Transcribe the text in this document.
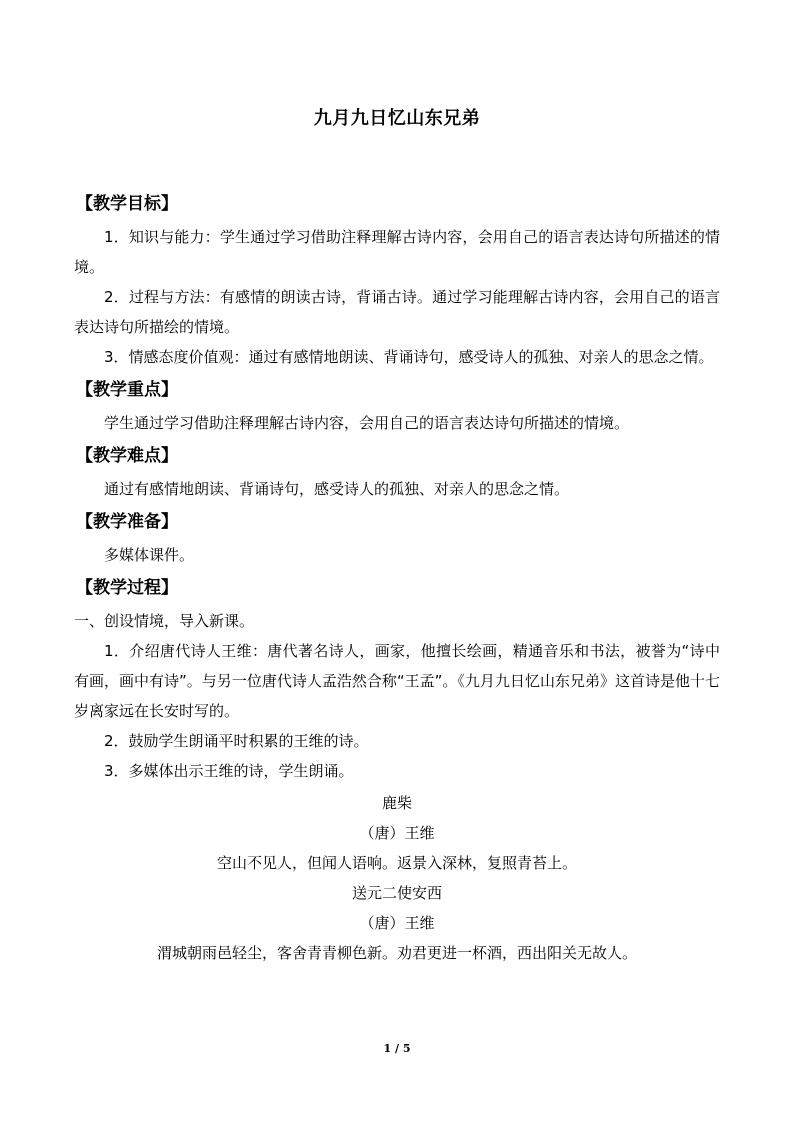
九月九日忆山东兄弟
【教学目标】

1．知识与能力：学生通过学习借助注释理解古诗内容，会用自己的语言表达诗句所描述的情境。

2．过程与方法：有感情的朗读古诗，背诵古诗。通过学习能理解古诗内容，会用自己的语言表达诗句所描绘的情境。

3．情感态度价值观：通过有感情地朗读、背诵诗句，感受诗人的孤独、对亲人的思念之情。

【教学重点】

学生通过学习借助注释理解古诗内容，会用自己的语言表达诗句所描述的情境。

【教学难点】

通过有感情地朗读、背诵诗句，感受诗人的孤独、对亲人的思念之情。

【教学准备】

多媒体课件。

【教学过程】

一、创设情境，导入新课。

1．介绍唐代诗人王维：唐代著名诗人，画家，他擅长绘画，精通音乐和书法，被誉为“诗中有画，画中有诗”。与另一位唐代诗人孟浩然合称“王孟”。《九月九日忆山东兄弟》这首诗是他十七岁离家远在长安时写的。

2．鼓励学生朗诵平时积累的王维的诗。

3．多媒体出示王维的诗，学生朗诵。

鹿柴

（唐）王维

空山不见人，但闻人语响。返景入深林，复照青苔上。

送元二使安西

（唐）王维

渭城朝雨邑轻尘，客舍青青柳色新。劝君更进一杯酒，西出阳关无故人。

1 / 5
